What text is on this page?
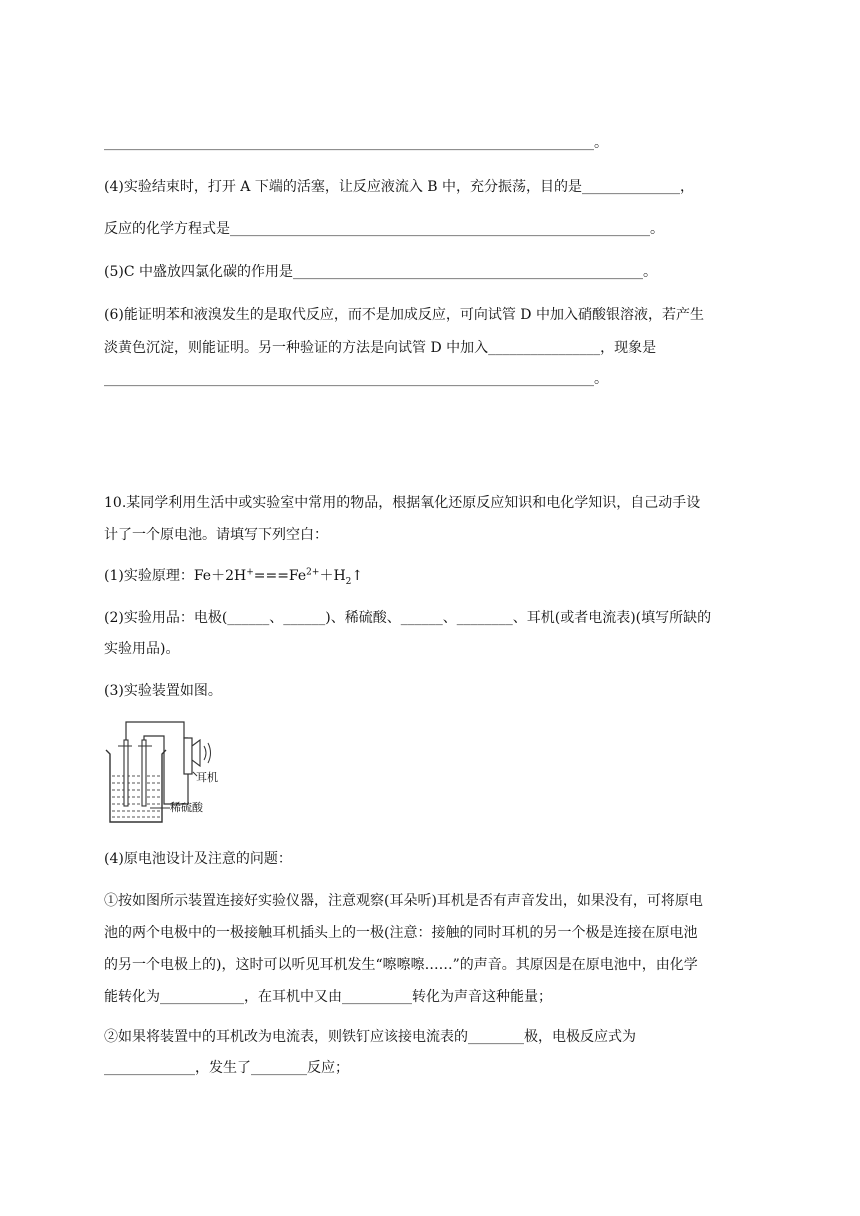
______________________________________________________________________。
(4)实验结束时，打开 A 下端的活塞，让反应液流入 B 中，充分振荡，目的是______________，
反应的化学方程式是____________________________________________________________。
(5)C 中盛放四氯化碳的作用是__________________________________________________。
(6)能证明苯和液溴发生的是取代反应，而不是加成反应，可向试管 D 中加入硝酸银溶液，若产生
淡黄色沉淀，则能证明。另一种验证的方法是向试管 D 中加入________________，现象是
______________________________________________________________________。
10.某同学利用生活中或实验室中常用的物品，根据氧化还原反应知识和电化学知识，自己动手设
计了一个原电池。请填写下列空白：
(1)实验原理：$Fe+2H^+===Fe^{2+}+H_2↑$
(2)实验用品：电极(______、______)、稀硫酸、______、________、耳机(或者电流表)(填写所缺的
实验用品)。
(3)实验装置如图。
耳机
稀硫酸
(4)原电池设计及注意的问题：
①按如图所示装置连接好实验仪器，注意观察(耳朵听)耳机是否有声音发出，如果没有，可将原电
池的两个电极中的一极接触耳机插头上的一极(注意：接触的同时耳机的另一个极是连接在原电池
的另一个电极上的)，这时可以听见耳机发生“嚓嚓嚓……”的声音。其原因是在原电池中，由化学
能转化为____________，在耳机中又由__________转化为声音这种能量；
②如果将装置中的耳机改为电流表，则铁钉应该接电流表的________极，电极反应式为
_____________，发生了________反应；
